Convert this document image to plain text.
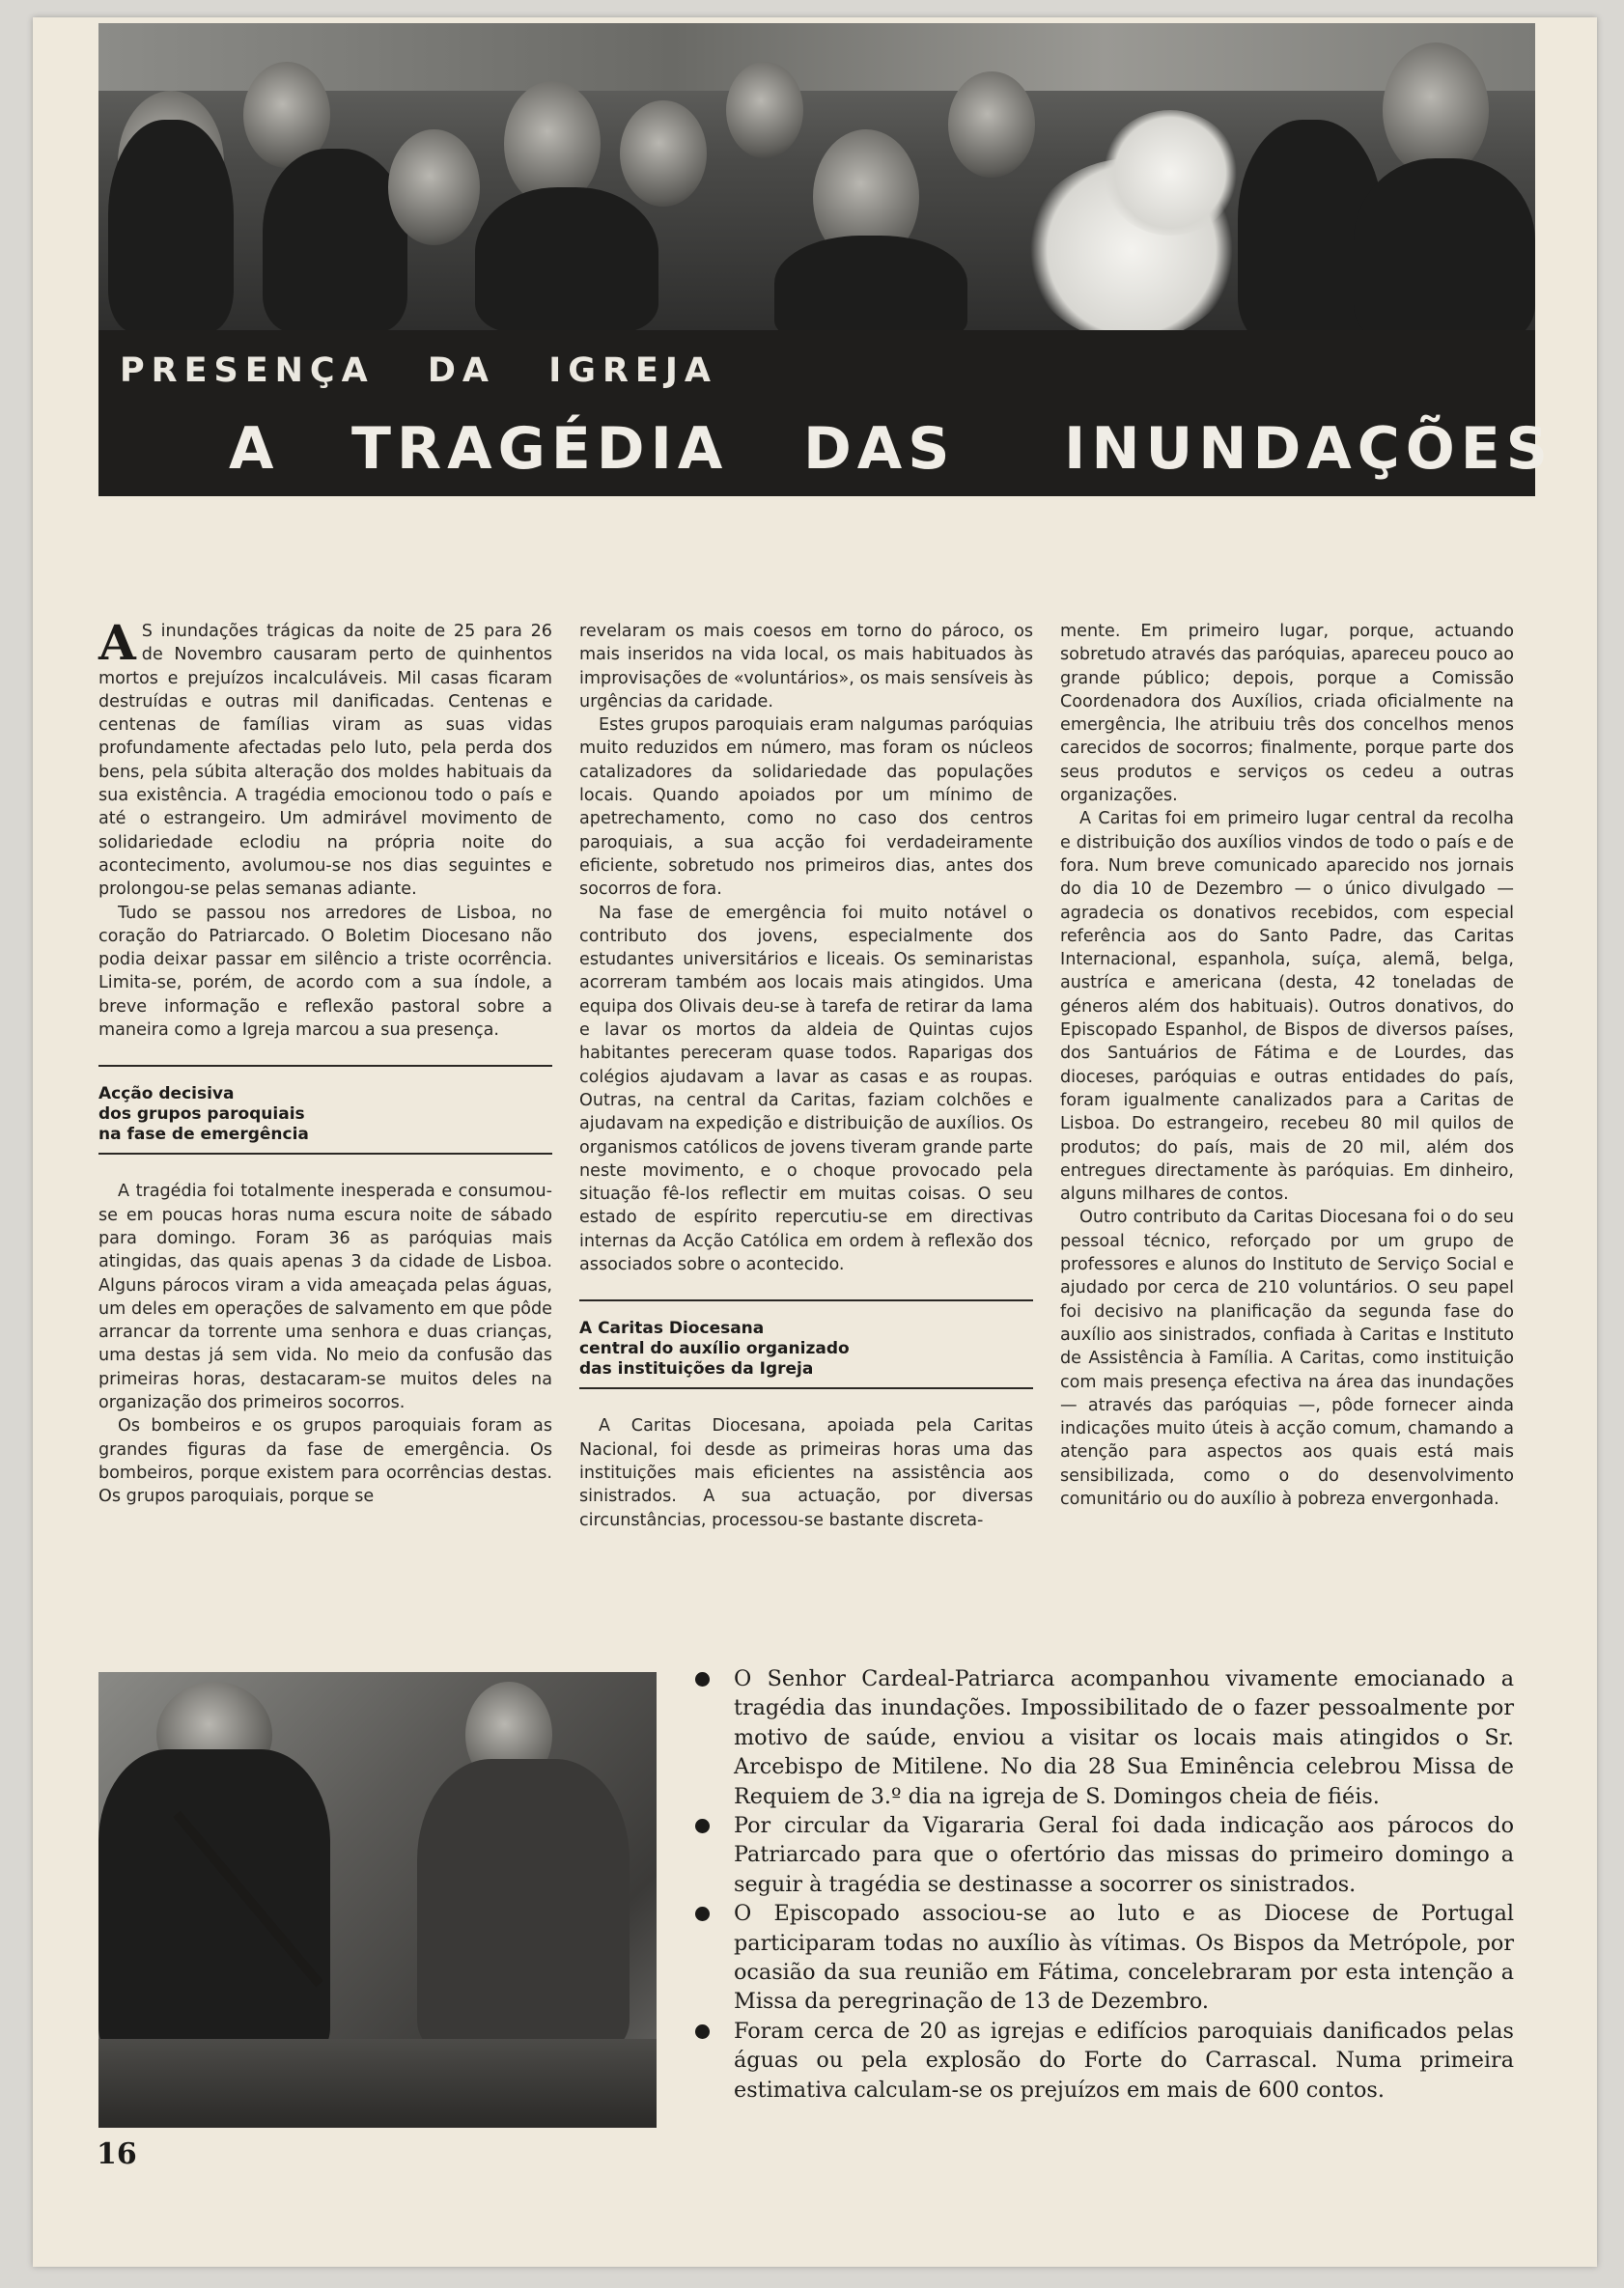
PRESENÇA DA IGREJA
A TRAGÉDIA DAS INUNDAÇÕES

A S inundações trágicas da noite de 25 para 26 de Novembro causaram perto de quinhentos mortos e prejuízos incalculáveis. Mil casas ficaram destruídas e outras mil danificadas. Centenas e centenas de famílias viram as suas vidas profundamente afectadas pelo luto, pela perda dos bens, pela súbita alteração dos moldes habituais da sua existência. A tragédia emocionou todo o país e até o estrangeiro. Um admirável movimento de solidariedade eclodiu na própria noite do acontecimento, avolumou-se nos dias seguintes e prolongou-se pelas semanas adiante.

Tudo se passou nos arredores de Lisboa, no coração do Patriarcado. O Boletim Diocesano não podia deixar passar em silêncio a triste ocorrência. Limita-se, porém, de acordo com a sua índole, a breve informação e reflexão pastoral sobre a maneira como a Igreja marcou a sua presença.

Acção decisiva
dos grupos paroquiais
na fase de emergência

A tragédia foi totalmente inesperada e consumou-se em poucas horas numa escura noite de sábado para domingo. Foram 36 as paróquias mais atingidas, das quais apenas 3 da cidade de Lisboa. Alguns párocos viram a vida ameaçada pelas águas, um deles em operações de salvamento em que pôde arrancar da torrente uma senhora e duas crianças, uma destas já sem vida. No meio da confusão das primeiras horas, destacaram-se muitos deles na organização dos primeiros socorros.

Os bombeiros e os grupos paroquiais foram as grandes figuras da fase de emergência. Os bombeiros, porque existem para ocorrências destas. Os grupos paroquiais, porque se

revelaram os mais coesos em torno do pároco, os mais inseridos na vida local, os mais habituados às improvisações de «voluntários», os mais sensíveis às urgências da caridade.

Estes grupos paroquiais eram nalgumas paróquias muito reduzidos em número, mas foram os núcleos catalizadores da solidariedade das populações locais. Quando apoiados por um mínimo de apetrechamento, como no caso dos centros paroquiais, a sua acção foi verdadeiramente eficiente, sobretudo nos primeiros dias, antes dos socorros de fora.

Na fase de emergência foi muito notável o contributo dos jovens, especialmente dos estudantes universitários e liceais. Os seminaristas acorreram também aos locais mais atingidos. Uma equipa dos Olivais deu-se à tarefa de retirar da lama e lavar os mortos da aldeia de Quintas cujos habitantes pereceram quase todos. Raparigas dos colégios ajudavam a lavar as casas e as roupas. Outras, na central da Caritas, faziam colchões e ajudavam na expedição e distribuição de auxílios. Os organismos católicos de jovens tiveram grande parte neste movimento, e o choque provocado pela situação fê-los reflectir em muitas coisas. O seu estado de espírito repercutiu-se em directivas internas da Acção Católica em ordem à reflexão dos associados sobre o acontecido.

A Caritas Diocesana
central do auxílio organizado
das instituições da Igreja

A Caritas Diocesana, apoiada pela Caritas Nacional, foi desde as primeiras horas uma das instituições mais eficientes na assistência aos sinistrados. A sua actuação, por diversas circunstâncias, processou-se bastante discreta-

mente. Em primeiro lugar, porque, actuando sobretudo através das paróquias, apareceu pouco ao grande público; depois, porque a Comissão Coordenadora dos Auxílios, criada oficialmente na emergência, lhe atribuiu três dos concelhos menos carecidos de socorros; finalmente, porque parte dos seus produtos e serviços os cedeu a outras organizações.

A Caritas foi em primeiro lugar central da recolha e distribuição dos auxílios vindos de todo o país e de fora. Num breve comunicado aparecido nos jornais do dia 10 de Dezembro — o único divulgado — agradecia os donativos recebidos, com especial referência aos do Santo Padre, das Caritas Internacional, espanhola, suíça, alemã, belga, austríca e americana (desta, 42 toneladas de géneros além dos habituais). Outros donativos, do Episcopado Espanhol, de Bispos de diversos países, dos Santuários de Fátima e de Lourdes, das dioceses, paróquias e outras entidades do país, foram igualmente canalizados para a Caritas de Lisboa. Do estrangeiro, recebeu 80 mil quilos de produtos; do país, mais de 20 mil, além dos entregues directamente às paróquias. Em dinheiro, alguns milhares de contos.

Outro contributo da Caritas Diocesana foi o do seu pessoal técnico, reforçado por um grupo de professores e alunos do Instituto de Serviço Social e ajudado por cerca de 210 voluntários. O seu papel foi decisivo na planificação da segunda fase do auxílio aos sinistrados, confiada à Caritas e Instituto de Assistência à Família. A Caritas, como instituição com mais presença efectiva na área das inundações — através das paróquias —, pôde fornecer ainda indicações muito úteis à acção comum, chamando a atenção para aspectos aos quais está mais sensibilizada, como o do desenvolvimento comunitário ou do auxílio à pobreza envergonhada.

O Senhor Cardeal-Patriarca acompanhou vivamente emocianado a tragédia das inundações. Impossibilitado de o fazer pessoalmente por motivo de saúde, enviou a visitar os locais mais atingidos o Sr. Arcebispo de Mitilene. No dia 28 Sua Eminência celebrou Missa de Requiem de 3.º dia na igreja de S. Domingos cheia de fiéis.
Por circular da Vigararia Geral foi dada indicação aos párocos do Patriarcado para que o ofertório das missas do primeiro domingo a seguir à tragédia se destinasse a socorrer os sinistrados.
O Episcopado associou-se ao luto e as Diocese de Portugal participaram todas no auxílio às vítimas. Os Bispos da Metrópole, por ocasião da sua reunião em Fátima, concelebraram por esta intenção a Missa da peregrinação de 13 de Dezembro.
Foram cerca de 20 as igrejas e edifícios paroquiais danificados pelas águas ou pela explosão do Forte do Carrascal. Numa primeira estimativa calculam-se os prejuízos em mais de 600 contos.
16
